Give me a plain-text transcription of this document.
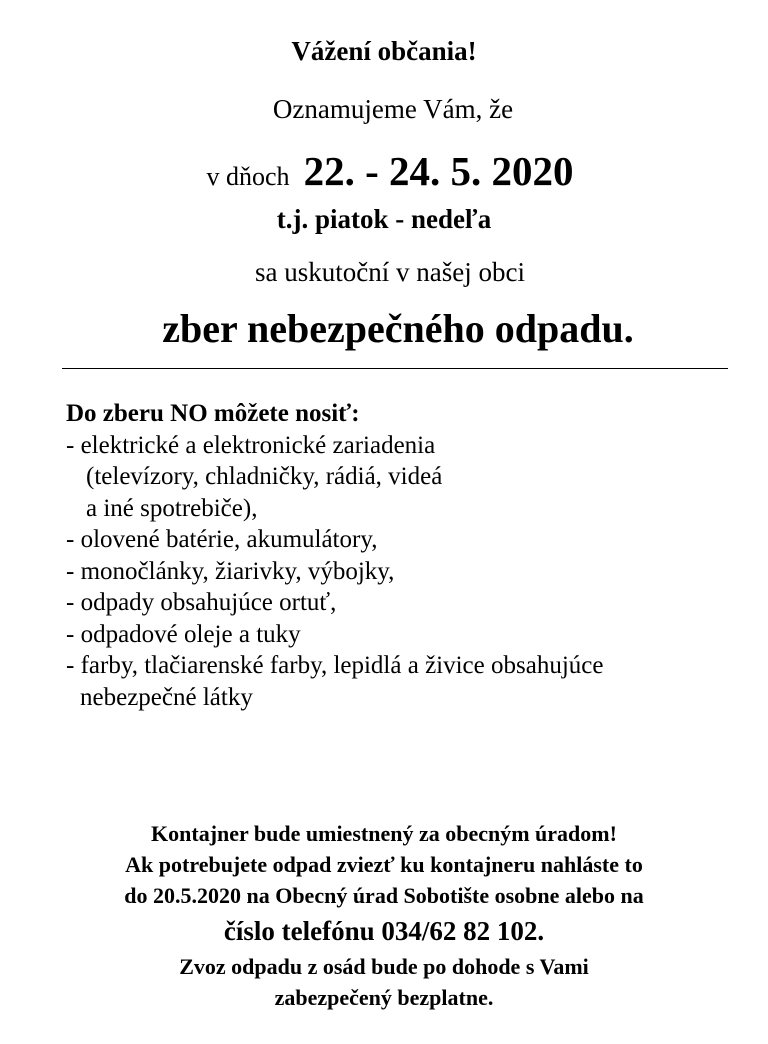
Vážení občania!
Oznamujeme Vám, že
v dňoch 22. - 24. 5. 2020
t.j. piatok - nedeľa
sa uskutoční v našej obci
zber nebezpečného odpadu.
Do zberu NO môžete nosiť:
- elektrické a elektronické zariadenia
(televízory, chladničky, rádiá, videá
a iné spotrebiče),
- olovené batérie, akumulátory,
- monočlánky, žiarivky, výbojky,
- odpady obsahujúce ortuť,
- odpadové oleje a tuky
- farby, tlačiarenské farby, lepidlá a živice obsahujúce
nebezpečné látky
Kontajner bude umiestnený za obecným úradom!
Ak potrebujete odpad zviezť ku kontajneru nahláste to
do 20.5.2020 na Obecný úrad Sobotište osobne alebo na
číslo telefónu 034/62 82 102.
Zvoz odpadu z osád bude po dohode s Vami
zabezpečený bezplatne.
